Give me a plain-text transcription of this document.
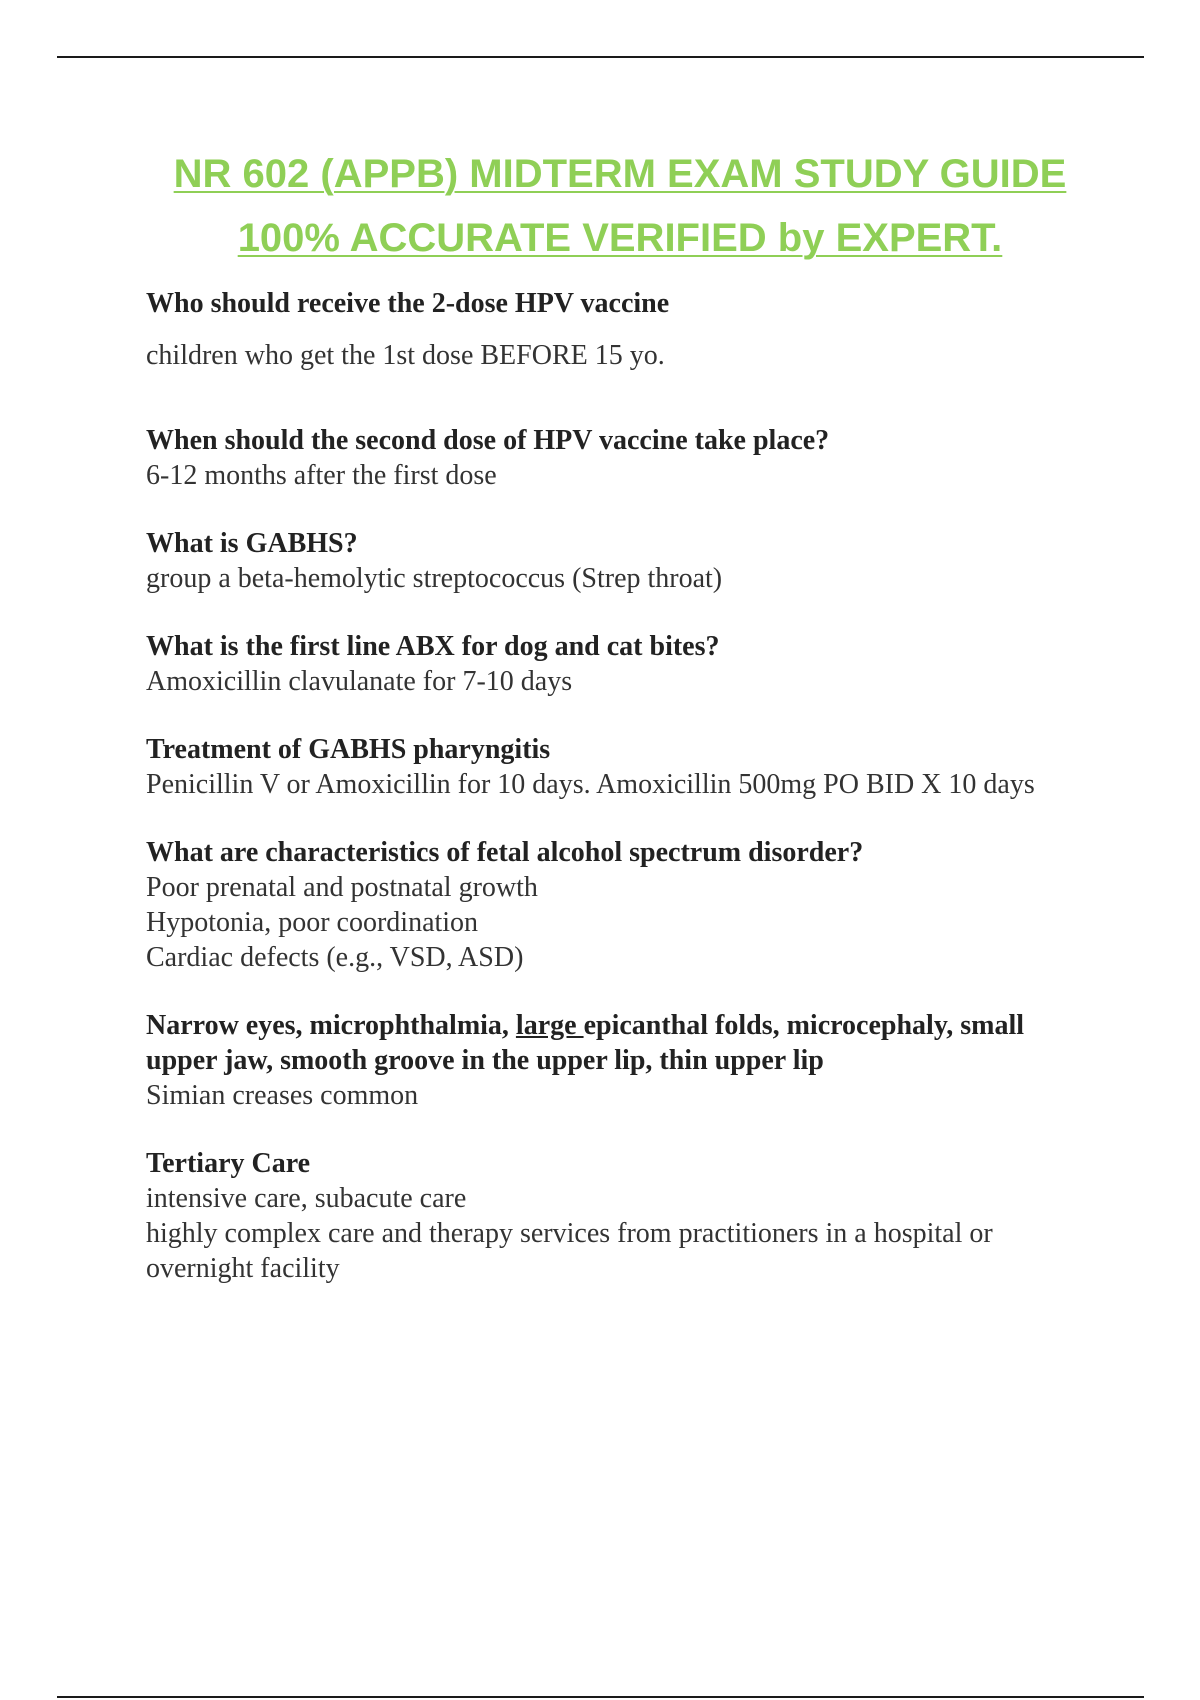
NR 602 (APPB) MIDTERM EXAM STUDY GUIDE
100% ACCURATE VERIFIED by EXPERT.
Who should receive the 2-dose HPV vaccine
children who get the 1st dose BEFORE 15 yo.
When should the second dose of HPV vaccine take place?
6-12 months after the first dose
What is GABHS?
group a beta-hemolytic streptococcus (Strep throat)
What is the first line ABX for dog and cat bites?
Amoxicillin clavulanate for 7-10 days
Treatment of GABHS pharyngitis
Penicillin V or Amoxicillin for 10 days. Amoxicillin 500mg PO BID X 10 days
What are characteristics of fetal alcohol spectrum disorder?
Poor prenatal and postnatal growth
Hypotonia, poor coordination
Cardiac defects (e.g., VSD, ASD)
Narrow eyes, microphthalmia, large epicanthal folds, microcephaly, small upper jaw, smooth groove in the upper lip, thin upper lip
Simian creases common
Tertiary Care
intensive care, subacute care
highly complex care and therapy services from practitioners in a hospital or overnight facility
